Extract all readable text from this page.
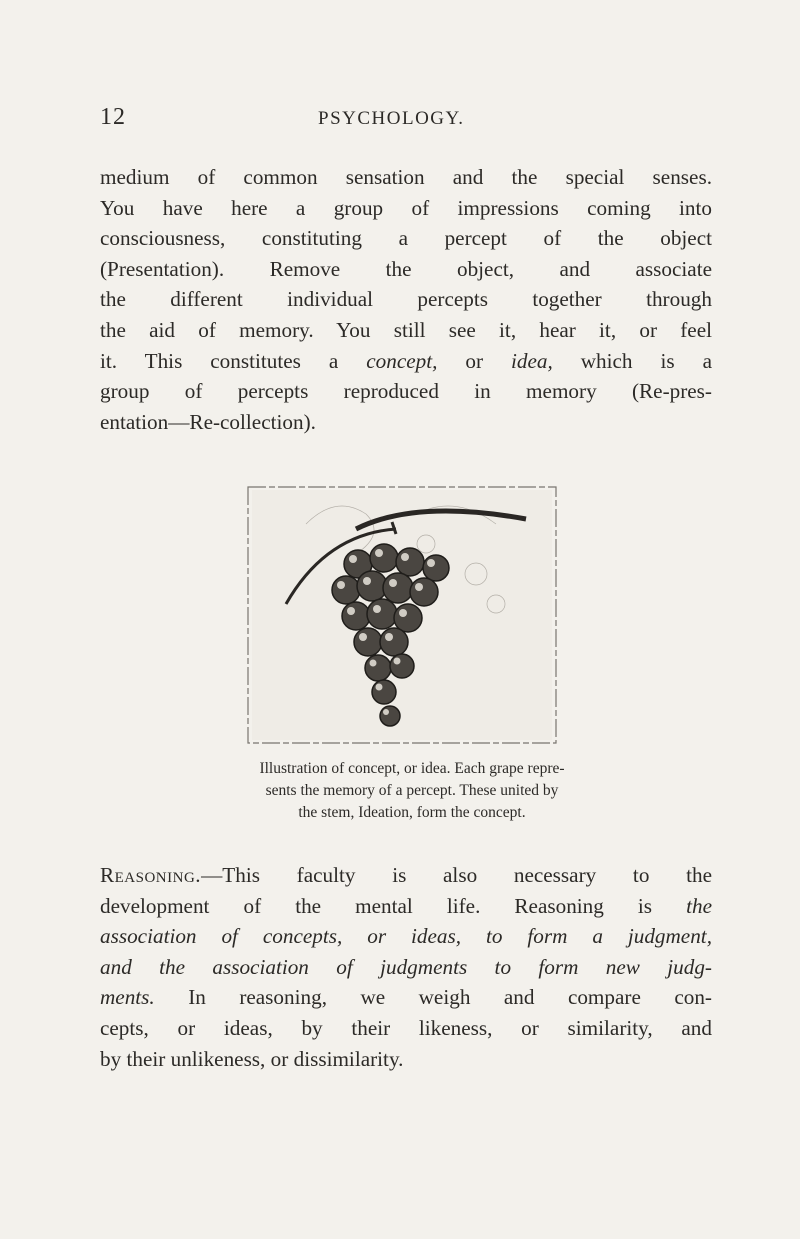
12	PSYCHOLOGY.
medium of common sensation and the special senses.
You have here a group of impressions coming into
consciousness, constituting a percept of the object
(Presentation). Remove the object, and associate
the different individual percepts together through
the aid of memory. You still see it, hear it, or feel
it. This constitutes a concept, or idea, which is a
group of percepts reproduced in memory (Re-pres-
entation—Re-collection).
Illustration of concept, or idea. Each grape repre-
sents the memory of a percept. These united by
the stem, Ideation, form the concept.
Reasoning.—This faculty is also necessary to the
development of the mental life. Reasoning is the
association of concepts, or ideas, to form a judgment,
and the association of judgments to form new judg-
ments. In reasoning, we weigh and compare con-
cepts, or ideas, by their likeness, or similarity, and
by their unlikeness, or dissimilarity.
